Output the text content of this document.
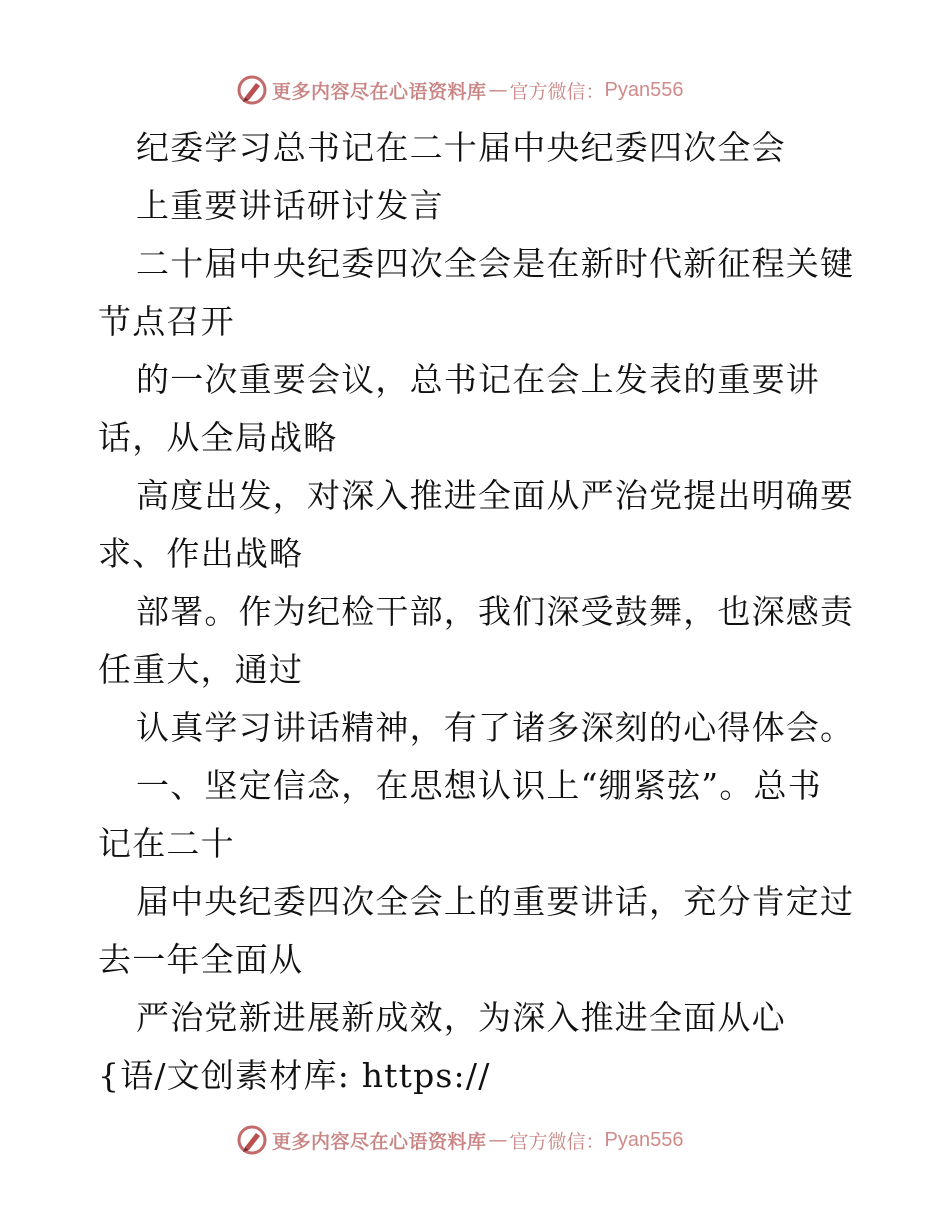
更多内容尽在心语资料库 — 官方微信： Pyan556
纪委学习总书记在二十届中央纪委四次全会
上重要讲话研讨发言
二十届中央纪委四次全会是在新时代新征程关键
节点召开
的一次重要会议，总书记在会上发表的重要讲
话，从全局战略
高度出发，对深入推进全面从严治党提出明确要
求、作出战略
部署。作为纪检干部，我们深受鼓舞，也深感责
任重大，通过
认真学习讲话精神，有了诸多深刻的心得体会。
一、坚定信念，在思想认识上“绷紧弦”。总书
记在二十
届中央纪委四次全会上的重要讲话，充分肯定过
去一年全面从
严治党新进展新成效，为深入推进全面从心
{语/文创素材库: https://
更多内容尽在心语资料库 — 官方微信： Pyan556
